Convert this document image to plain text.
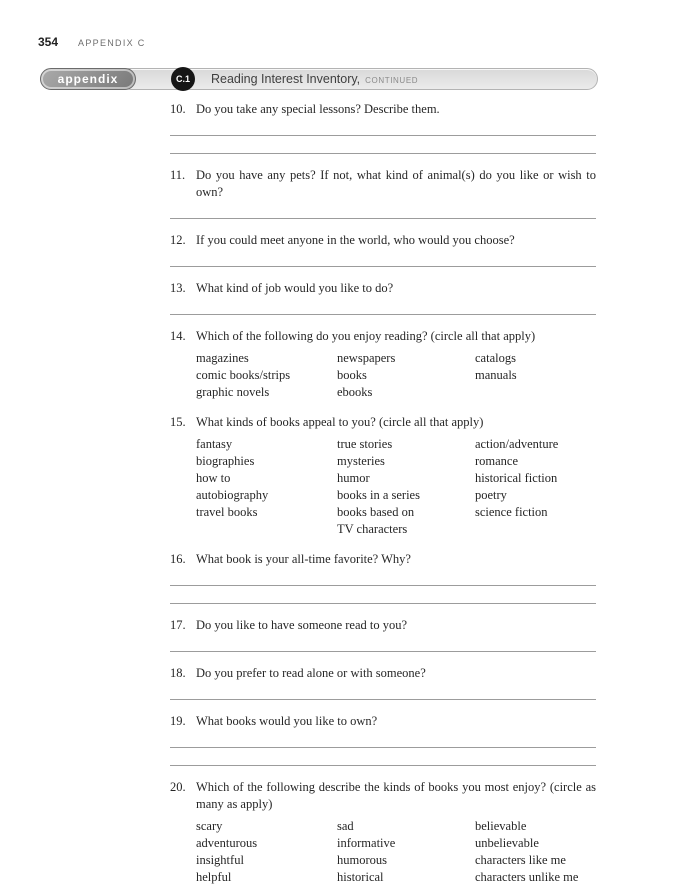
354 APPENDIX C
Reading Interest Inventory, CONTINUED
appendix	C.1
10. Do you take any special lessons? Describe them.
11. Do you have any pets? If not, what kind of animal(s) do you like or wish to own?
12. If you could meet anyone in the world, who would you choose?
13. What kind of job would you like to do?
14. Which of the following do you enjoy reading? (circle all that apply)
magazines
comic books/strips
graphic novels
newspapers
books
ebooks
catalogs
manuals
15. What kinds of books appeal to you? (circle all that apply)
fantasy
biographies
how to
autobiography
travel books
true stories
mysteries
humor
books in a series
books based on TV characters
action/adventure
romance
historical fiction
poetry
science fiction
16. What book is your all-time favorite? Why?
17. Do you like to have someone read to you?
18. Do you prefer to read alone or with someone?
19. What books would you like to own?
20. Which of the following describe the kinds of books you most enjoy? (circle as many as apply)
scary
adventurous
insightful
helpful
sad
informative
humorous
historical
believable
unbelievable
characters like me
characters unlike me
